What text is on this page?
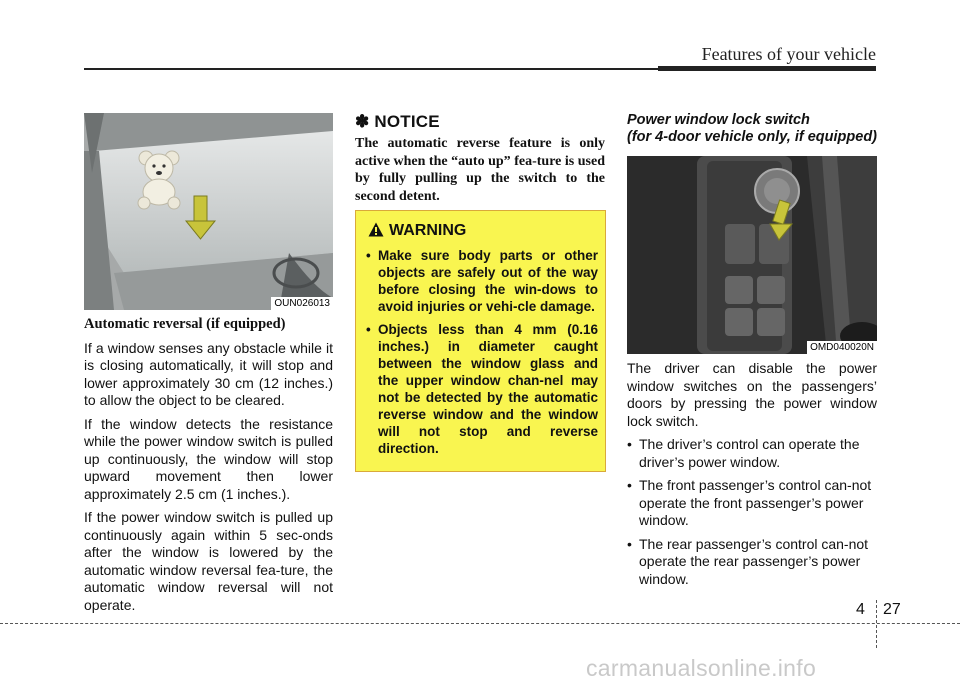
Features of your vehicle
OUN026013
Automatic reversal (if equipped)

If a window senses any obstacle while it is closing automatically, it will stop and lower approximately 30 cm (12 inches.) to allow the object to be cleared.

If the window detects the resistance while the power window switch is pulled up continuously, the window will stop upward movement then lower approximately 2.5 cm (1 inches.).

If the power window switch is pulled up continuously again within 5 sec-onds after the window is lowered by the automatic window reversal fea-ture, the automatic window reversal will not operate.

✽ NOTICE

The automatic reverse feature is only active when the “auto up” fea-ture is used by fully pulling up the switch to the second detent.

WARNING
• Make sure body parts or other objects are safely out of the way before closing the win-dows to avoid injuries or vehi-cle damage.
• Objects less than 4 mm (0.16 inches.) in diameter caught between the window glass and the upper window chan-nel may not be detected by the automatic reverse window and the window will not stop and reverse direction.
Power window lock switch
(for 4-door vehicle only, if equipped)
OMD040020N

The driver can disable the power window switches on the passengers’ doors by pressing the power window lock switch.

• The driver’s control can operate the driver’s power window.
• The front passenger’s control can-not operate the front passenger’s power window.
• The rear passenger’s control can-not operate the rear passenger’s power window.
4 27
carmanualsonline.info
